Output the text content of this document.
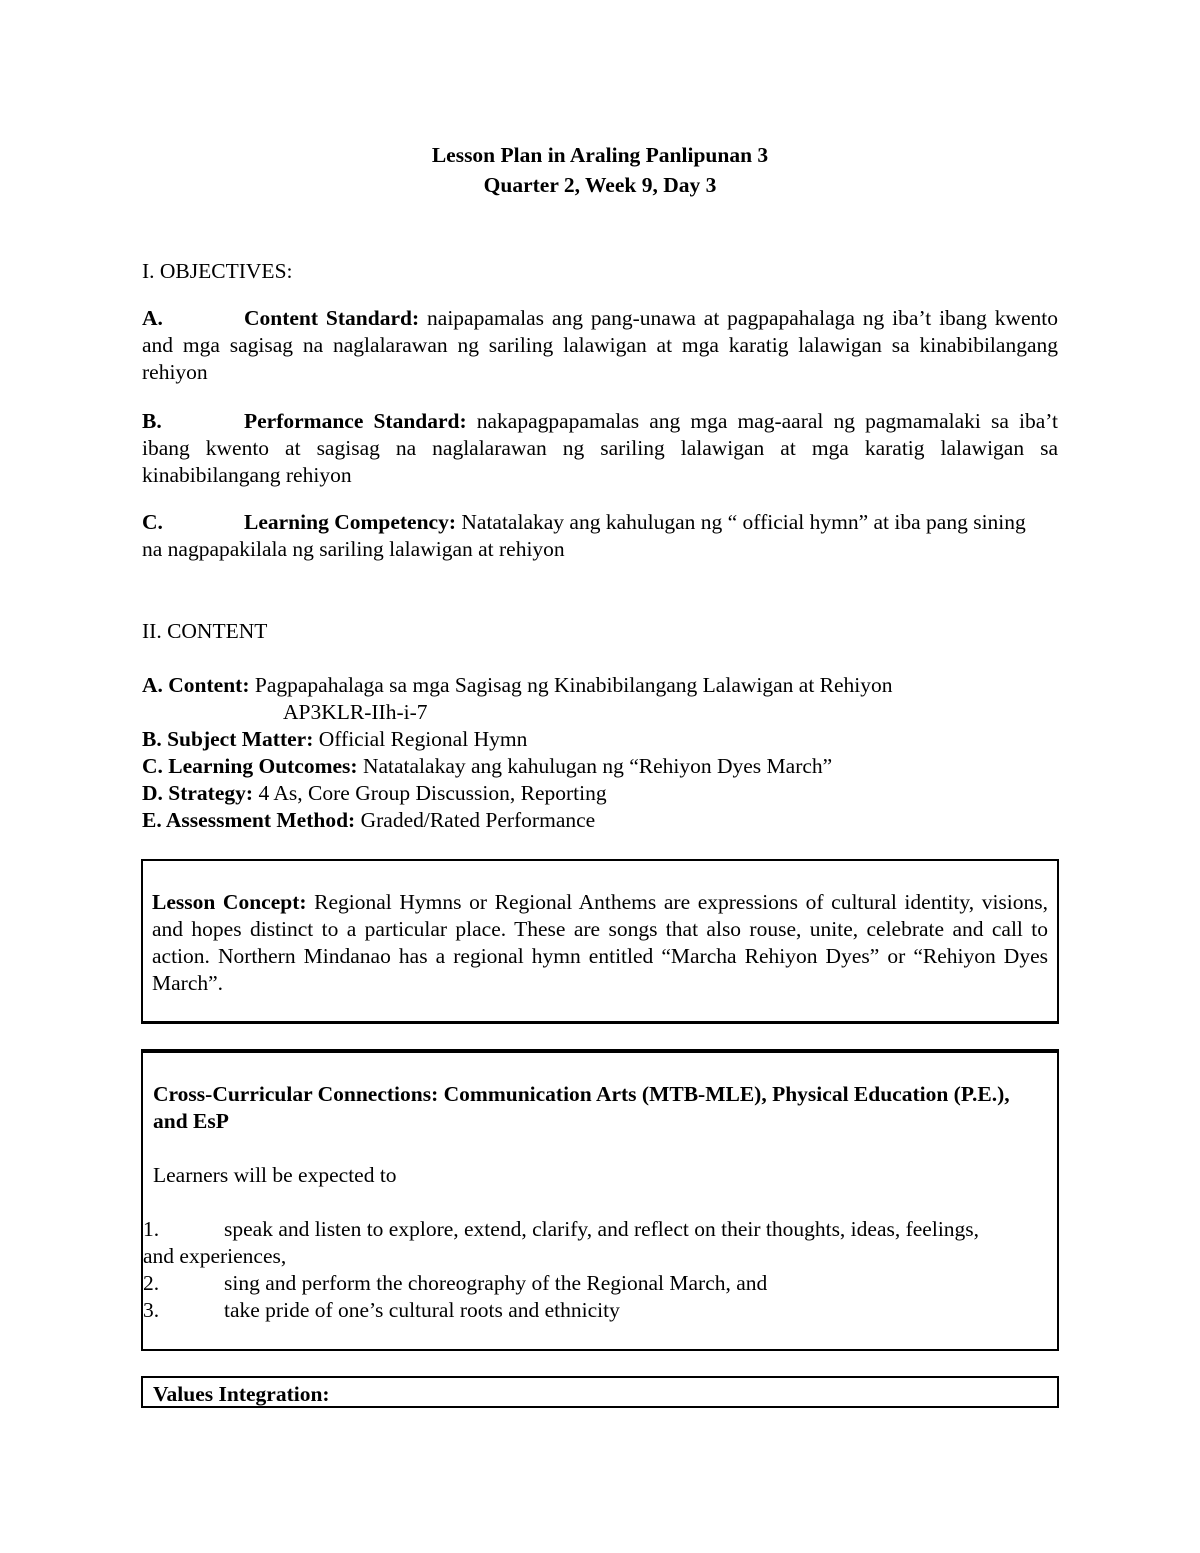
Lesson Plan in Araling Panlipunan 3
Quarter 2, Week 9, Day 3
I. OBJECTIVES:
A.	Content Standard: naipapamalas ang pang-unawa at pagpapahalaga ng iba’t ibang kwento and mga sagisag na naglalarawan ng sariling lalawigan at mga karatig lalawigan sa kinabibilangang rehiyon
B.	Performance Standard: nakapagpapamalas ang mga mag-aaral ng pagmamalaki sa iba’t ibang kwento at sagisag na naglalarawan ng sariling lalawigan at mga karatig lalawigan sa kinabibilangang rehiyon
C.	Learning Competency: Natatalakay ang kahulugan ng “ official hymn” at iba pang sining na nagpapakilala ng sariling lalawigan at rehiyon
II. CONTENT
A. Content: Pagpapahalaga sa mga Sagisag ng Kinabibilangang Lalawigan at Rehiyon
AP3KLR-IIh-i-7
B. Subject Matter: Official Regional Hymn
C. Learning Outcomes: Natatalakay ang kahulugan ng “Rehiyon Dyes March”
D. Strategy: 4 As, Core Group Discussion, Reporting
E. Assessment Method: Graded/Rated Performance
Lesson Concept: Regional Hymns or Regional Anthems are expressions of cultural identity, visions, and hopes distinct to a particular place. These are songs that also rouse, unite, celebrate and call to action. Northern Mindanao has a regional hymn entitled “Marcha Rehiyon Dyes” or “Rehiyon Dyes March”.
Cross-Curricular Connections: Communication Arts (MTB-MLE), Physical Education (P.E.), and EsP
Learners will be expected to
1.	speak and listen to explore, extend, clarify, and reflect on their thoughts, ideas, feelings,
and experiences,
2.	sing and perform the choreography of the Regional March, and
3.	take pride of one’s cultural roots and ethnicity
Values Integration:
